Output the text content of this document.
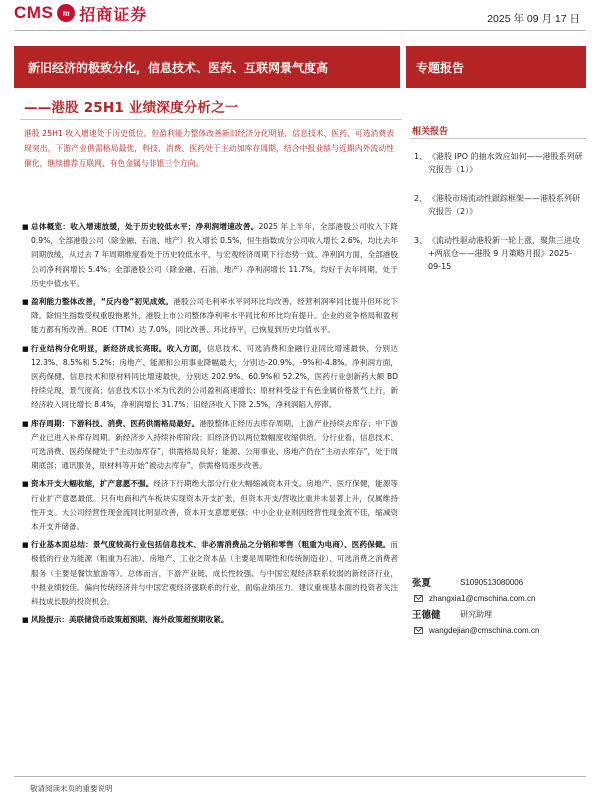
CMS	m 招商证券	2025 年 09 月 17 日
新旧经济的极致分化，信息技术、医药、互联网景气度高	专题报告
——港股 25H1 业绩深度分析之一
港股 25H1 收入增速处于历史低位，但盈利能力整体改善新旧经济分化明显，信息技术、医药、可选消费表现突出，下游产业供需格局最优，科技、消费、医药处于主动加库存周期，结合中报业绩与近期内外流动性催化，继续推荐互联网、有色金属与非银三个方向。
■ 总体概览：收入增速放缓，处于历史较低水平；净利润增速改善。2025 年上半年，全部港股公司收入下降 0.9%，全部港股公司（除金融、石油、地产）收入增长 0.5%，恒生指数成分公司收入增长 2.6%，均比去年同期放缓，从过去 7 年周期维度看处于历史较低水平，与宏观经济周期下行态势一致。净利润方面，全部港股公司净利润增长 5.4%；全部港股公司（除金融、石油、地产）净利润增长 11.7%，均好于去年同期，处于历史中值水平。
■ 盈利能力整体改善，“反内卷”初见成效。港股公司毛利率水平同环比均改善，经营利润率同比提升但环比下降。除恒生指数受权重股拖累外，港股上市公司整体净利率水平同比和环比均有提升。企业的竞争格局和盈利能力都有所改善。ROE（TTM）达 7.0%，同比改善、环比持平，已恢复到历史均值水平。
■ 行业结构分化明显，新经济成长亮眼。收入方面，信息技术、可选消费和金融行业同比增速最快，分别达 12.3%、8.5%和 5.2%；房地产、能源和公用事业降幅最大，分别达-20.9%、-9%和-4.8%。净利润方面，医药保健、信息技术和原材料同比增速最快，分别达 202.9%、60.9%和 52.2%，医药行业创新药大额 BD 持续兑现，景气度高；信息技术以小米为代表的公司盈利高速增长；原材料受益于有色金属价格景气上行，新经济收入同比增长 8.4%，净利润增长 31.7%；旧经济收入下降 2.5%，净利润陷入停滞。
■ 库存周期：下游科技、消费、医药供需格局最好。港股整体正经历去库存周期，上游产业持续去库存；中下游产业已进入补库存周期。新经济步入持续补库阶段；旧经济仍以两位数幅度收缩供给。分行业看，信息技术、可选消费、医药保健处于“主动加库存”，供需格局良好；能源、公用事业、房地产仍在“主动去库存”，处于周期底部；通讯服务、原材料等开始“被动去库存”，供需格局逐步改善。
■ 资本开支大幅收缩，扩产意愿不强。经济下行期绝大部分行业大幅缩减资本开支。房地产、医疗保健，能源等行业扩产意愿最低。只有电商和汽车板块实现资本开支扩张，但资本开支/营收比重并未显著上升，仅属维持性开支。大公司经营性现金流同比明显改善，资本开支意愿更强；中小企业业则因经营性现金流不佳，缩减资本开支并储备。
■ 行业基本面总结：景气度较高行业包括信息技术、非必需消费品之分销和零售（粗重为电商）、医药保健。而极低的行业为能源（粗重为石油）、房地产、工业之资本品（主要是周期性和传统制造业）、可选消费之消费者服务（主要是餐饮旅游等）。总体而言，下游产业链、成长性较强、与中国宏观经济联系较弱的新经济行业，中报业绩较佳。偏向传统经济并与中国宏观经济强联系的行业，面临业绩压力。建议重视基本面的投资者关注科技成长股的投资机会。
■ 风险提示：美联储货币政策超预期、海外政策超预期收紧。
相关报告
1、 《港股 IPO 的抽水效应如何——港股系列研究报告（1）》
2、 《港股市场流动性跟踪框架——港股系列研究报告（2）》
3、 《流动性驱动港股新一轮上涨，聚焦三进攻+两底仓——港股 9 月策略月报》2025-09-15
张夏	S1090513080006
zhangxia1@cmschina.com.cn
王德健	研究助理
wangdejian@cmschina.com.cn
敬请阅读末页的重要说明
